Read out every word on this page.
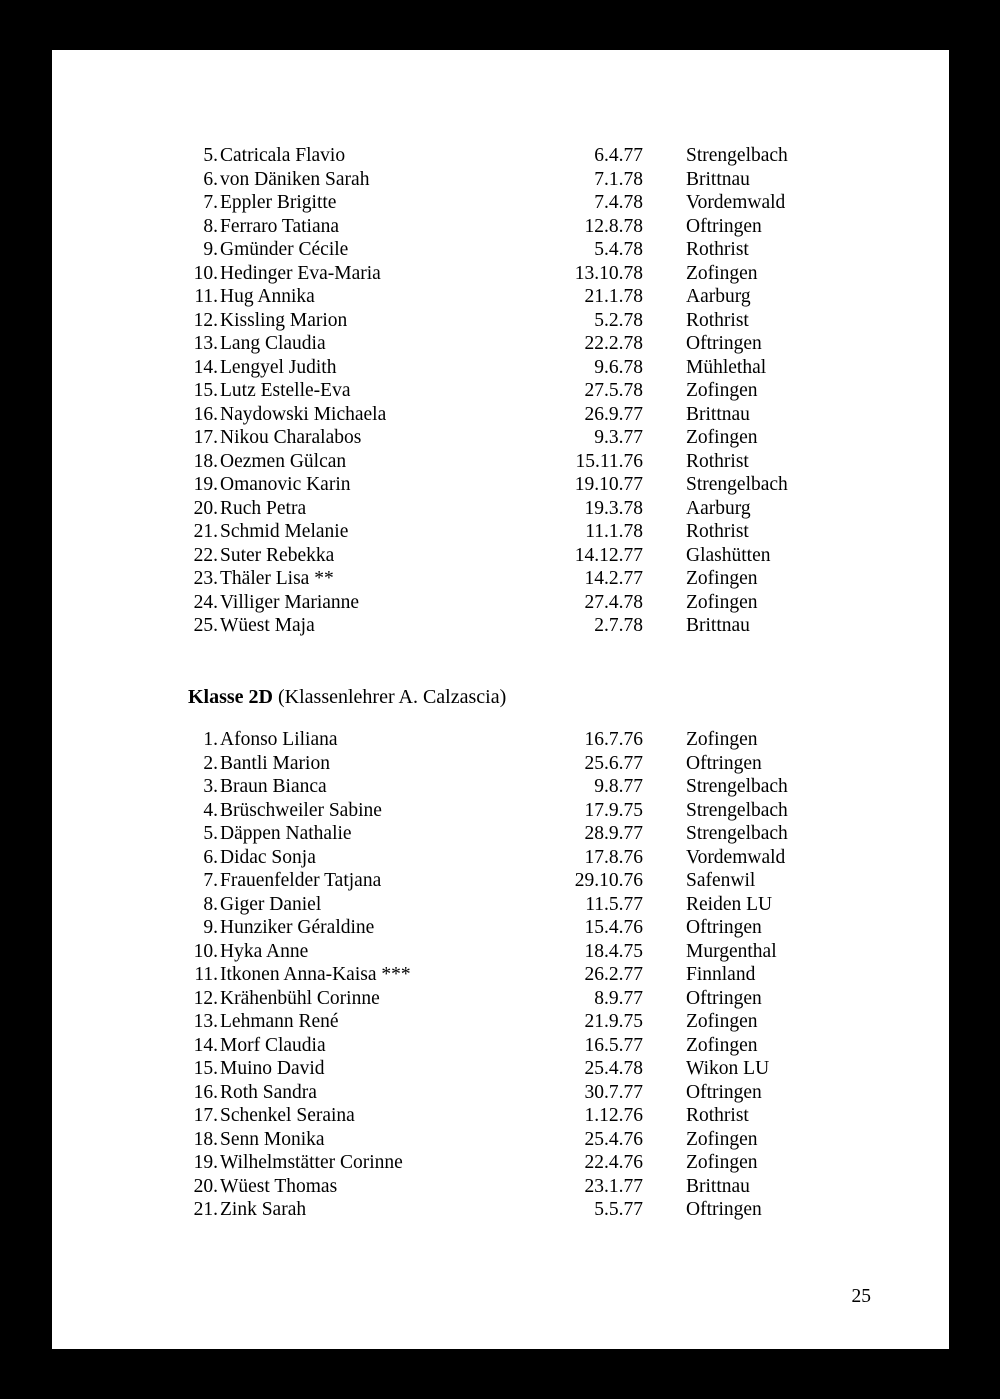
5. Catricala Flavio	6.4.77 Strengelbach
6. von Däniken Sarah	7.1.78 Brittnau
7. Eppler Brigitte	7.4.78 Vordemwald
8. Ferraro Tatiana	12.8.78 Oftringen
9. Gmünder Cécile	5.4.78 Rothrist
10. Hedinger Eva-Maria	13.10.78 Zofingen
11. Hug Annika	21.1.78 Aarburg
12. Kissling Marion	5.2.78 Rothrist
13. Lang Claudia	22.2.78 Oftringen
14. Lengyel Judith	9.6.78 Mühlethal
15. Lutz Estelle-Eva	27.5.78 Zofingen
16. Naydowski Michaela	26.9.77 Brittnau
17. Nikou Charalabos	9.3.77 Zofingen
18. Oezmen Gülcan	15.11.76 Rothrist
19. Omanovic Karin	19.10.77 Strengelbach
20. Ruch Petra	19.3.78 Aarburg
21. Schmid Melanie	11.1.78 Rothrist
22. Suter Rebekka	14.12.77 Glashütten
23. Thäler Lisa **	14.2.77 Zofingen
24. Villiger Marianne	27.4.78 Zofingen
25. Wüest Maja	2.7.78 Brittnau
Klasse 2D (Klassenlehrer A. Calzascia)
1. Afonso Liliana	16.7.76 Zofingen
2. Bantli Marion	25.6.77 Oftringen
3. Braun Bianca	9.8.77 Strengelbach
4. Brüschweiler Sabine	17.9.75 Strengelbach
5. Däppen Nathalie	28.9.77 Strengelbach
6. Didac Sonja	17.8.76 Vordemwald
7. Frauenfelder Tatjana	29.10.76 Safenwil
8. Giger Daniel	11.5.77 Reiden LU
9. Hunziker Géraldine	15.4.76 Oftringen
10. Hyka Anne	18.4.75 Murgenthal
11. Itkonen Anna-Kaisa ***	26.2.77 Finnland
12. Krähenbühl Corinne	8.9.77 Oftringen
13. Lehmann René	21.9.75 Zofingen
14. Morf Claudia	16.5.77 Zofingen
15. Muino David	25.4.78 Wikon LU
16. Roth Sandra	30.7.77 Oftringen
17. Schenkel Seraina	1.12.76 Rothrist
18. Senn Monika	25.4.76 Zofingen
19. Wilhelmstätter Corinne	22.4.76 Zofingen
20. Wüest Thomas	23.1.77 Brittnau
21. Zink Sarah	5.5.77 Oftringen
25
